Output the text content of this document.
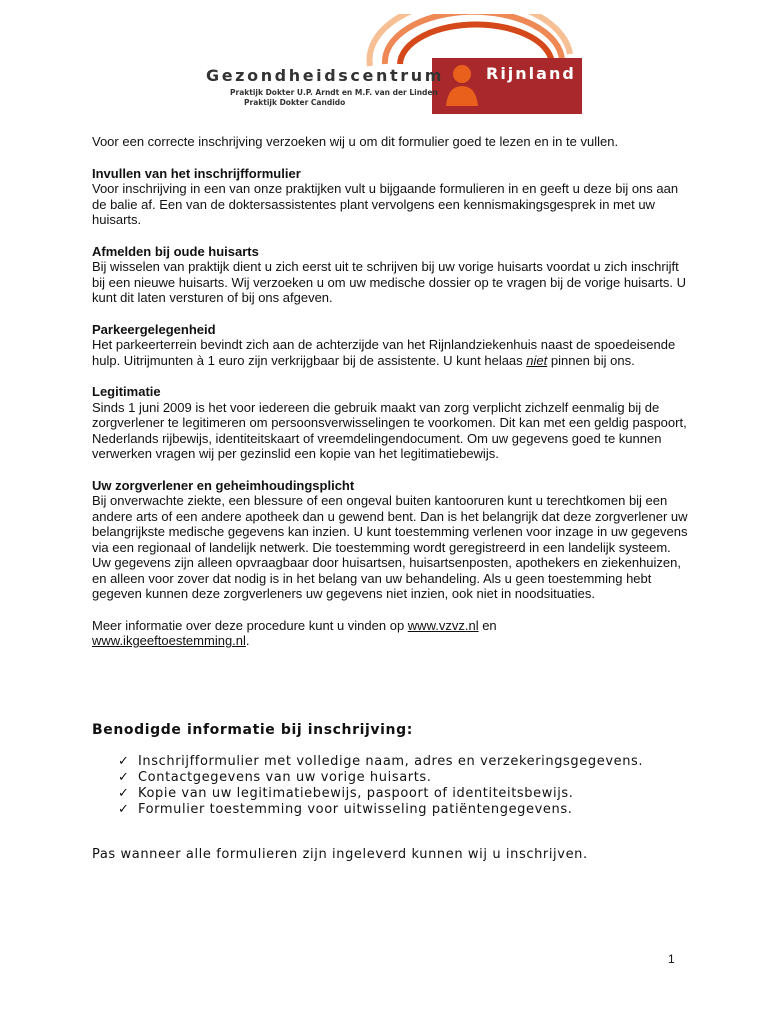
Gezondheidscentrum	Rijnland
Praktijk Dokter U.P. Arndt en M.F. van der Linden
Praktijk Dokter Candido

Voor een correcte inschrijving verzoeken wij u om dit formulier goed te lezen en in te vullen.

Invullen van het inschrijfformulier

Voor inschrijving in een van onze praktijken vult u bijgaande formulieren in en geeft u deze bij ons aan de balie af. Een van de doktersassistentes plant vervolgens een kennismakingsgesprek in met uw huisarts.

Afmelden bij oude huisarts

Bij wisselen van praktijk dient u zich eerst uit te schrijven bij uw vorige huisarts voordat u zich inschrijft bij een nieuwe huisarts. Wij verzoeken u om uw medische dossier op te vragen bij de vorige huisarts. U kunt dit laten versturen of bij ons afgeven.

Parkeergelegenheid

Het parkeerterrein bevindt zich aan de achterzijde van het Rijnlandziekenhuis naast de spoedeisende hulp. Uitrijmunten à 1 euro zijn verkrijgbaar bij de assistente. U kunt helaas niet pinnen bij ons.

Legitimatie

Sinds 1 juni 2009 is het voor iedereen die gebruik maakt van zorg verplicht zichzelf eenmalig bij de zorgverlener te legitimeren om persoonsverwisselingen te voorkomen. Dit kan met een geldig paspoort, Nederlands rijbewijs, identiteitskaart of vreemdelingendocument. Om uw gegevens goed te kunnen verwerken vragen wij per gezinslid een kopie van het legitimatiebewijs.

Uw zorgverlener en geheimhoudingsplicht

Bij onverwachte ziekte, een blessure of een ongeval buiten kantooruren kunt u terechtkomen bij een andere arts of een andere apotheek dan u gewend bent. Dan is het belangrijk dat deze zorgverlener uw belangrijkste medische gegevens kan inzien. U kunt toestemming verlenen voor inzage in uw gegevens via een regionaal of landelijk netwerk. Die toestemming wordt geregistreerd in een landelijk systeem. Uw gegevens zijn alleen opvraagbaar door huisartsen, huisartsenposten, apothekers en ziekenhuizen, en alleen voor zover dat nodig is in het belang van uw behandeling. Als u geen toestemming hebt gegeven kunnen deze zorgverleners uw gegevens niet inzien, ook niet in noodsituaties.

Meer informatie over deze procedure kunt u vinden op www.vzvz.nl en
www.ikgeeftoestemming.nl.

Benodigde informatie bij inschrijving:
✓ Inschrijfformulier met volledige naam, adres en verzekeringsgegevens.
✓ Contactgegevens van uw vorige huisarts.
✓ Kopie van uw legitimatiebewijs, paspoort of identiteitsbewijs.
✓ Formulier toestemming voor uitwisseling patiëntengegevens.
Pas wanneer alle formulieren zijn ingeleverd kunnen wij u inschrijven.
1
